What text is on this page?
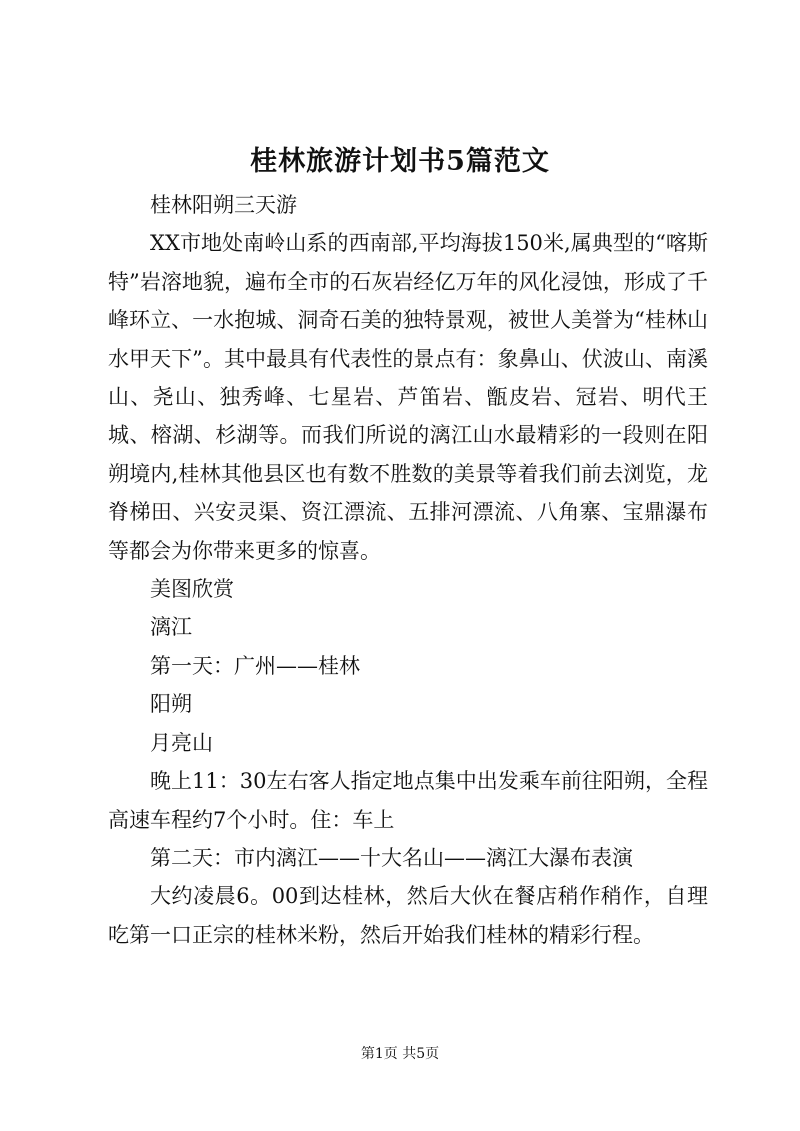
桂林旅游计划书5篇范文

桂林阳朔三天游

XX市地处南岭山系的西南部,平均海拔150米,属典型的“喀斯特”岩溶地貌，遍布全市的石灰岩经亿万年的风化浸蚀，形成了千峰环立、一水抱城、洞奇石美的独特景观，被世人美誉为“桂林山水甲天下”。其中最具有代表性的景点有：象鼻山、伏波山、南溪山、尧山、独秀峰、七星岩、芦笛岩、甑皮岩、冠岩、明代王城、榕湖、杉湖等。而我们所说的漓江山水最精彩的一段则在阳朔境内,桂林其他县区也有数不胜数的美景等着我们前去浏览，龙脊梯田、兴安灵渠、资江漂流、五排河漂流、八角寨、宝鼎瀑布等都会为你带来更多的惊喜。

美图欣赏

漓江

第一天：广州——桂林

阳朔

月亮山

晚上11：30左右客人指定地点集中出发乘车前往阳朔，全程高速车程约7个小时。住：车上

第二天：市内漓江——十大名山——漓江大瀑布表演

大约凌晨6。00到达桂林，然后大伙在餐店稍作稍作，自理吃第一口正宗的桂林米粉，然后开始我们桂林的精彩行程。

第1页 共5页
